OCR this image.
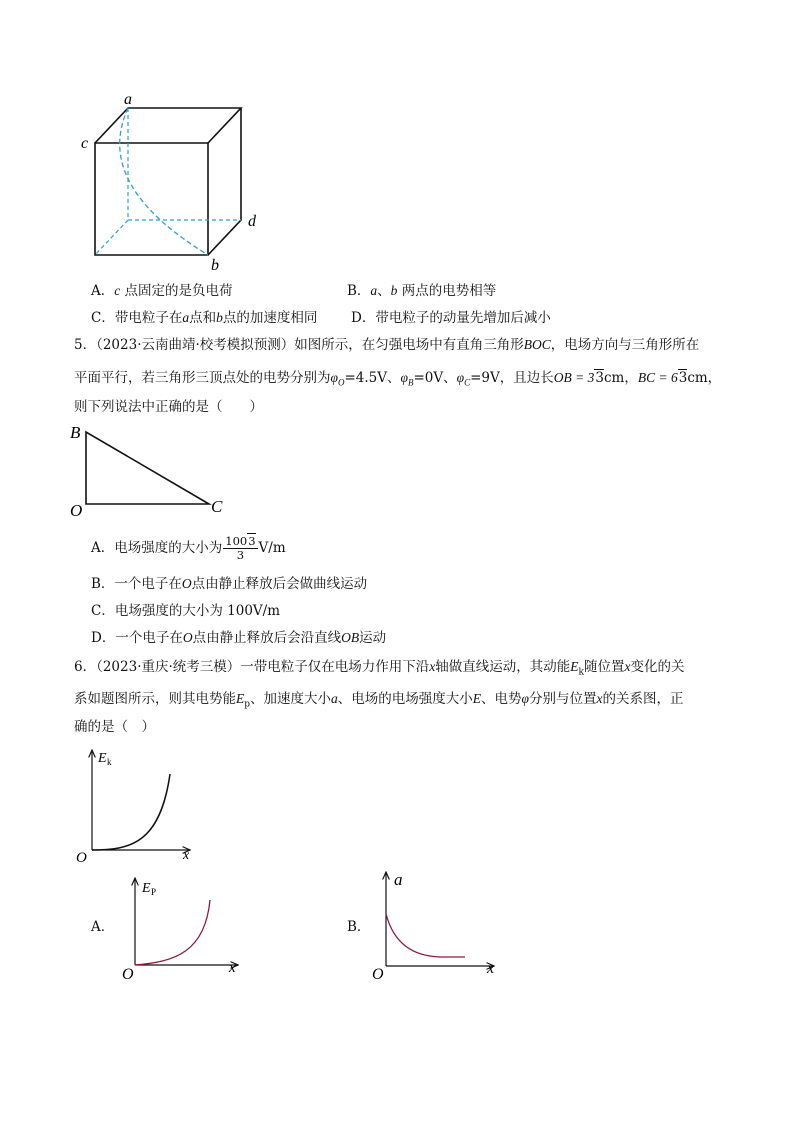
a
c
d
b
A．c 点固定的是负电荷	B．a、b 两点的电势相等
C．带电粒子在a点和b点的加速度相同 D．带电粒子的动量先增加后减小
5．（2023·云南曲靖·校考模拟预测）如图所示，在匀强电场中有直角三角形BOC，电场方向与三角形所在
平面平行，若三角形三顶点处的电势分别为$\varphi_O=4.5V$、$\varphi_B=0V$、$\varphi_C=9V$，且边长OB = 33cm，BC = 63cm，
则下列说法中正确的是（　　）
B
O	C
A．电场强度的大小为 $\frac{1003}{3} V/m$
B．一个电子在O点由静止释放后会做曲线运动
C．电场强度的大小为 100V/m
D．一个电子在O点由静止释放后会沿直线OB运动
6．（2023·重庆·统考三模）一带电粒子仅在电场力作用下沿x轴做直线运动，其动能$E_k$随位置x变化的关
系如题图所示，则其电势能$E_p$、加速度大小a、电场的电场强度大小E、电势φ分别与位置x的关系图，正
确的是（　）
E k
x
O
A．
E P
x
O
B．
a
x
O
